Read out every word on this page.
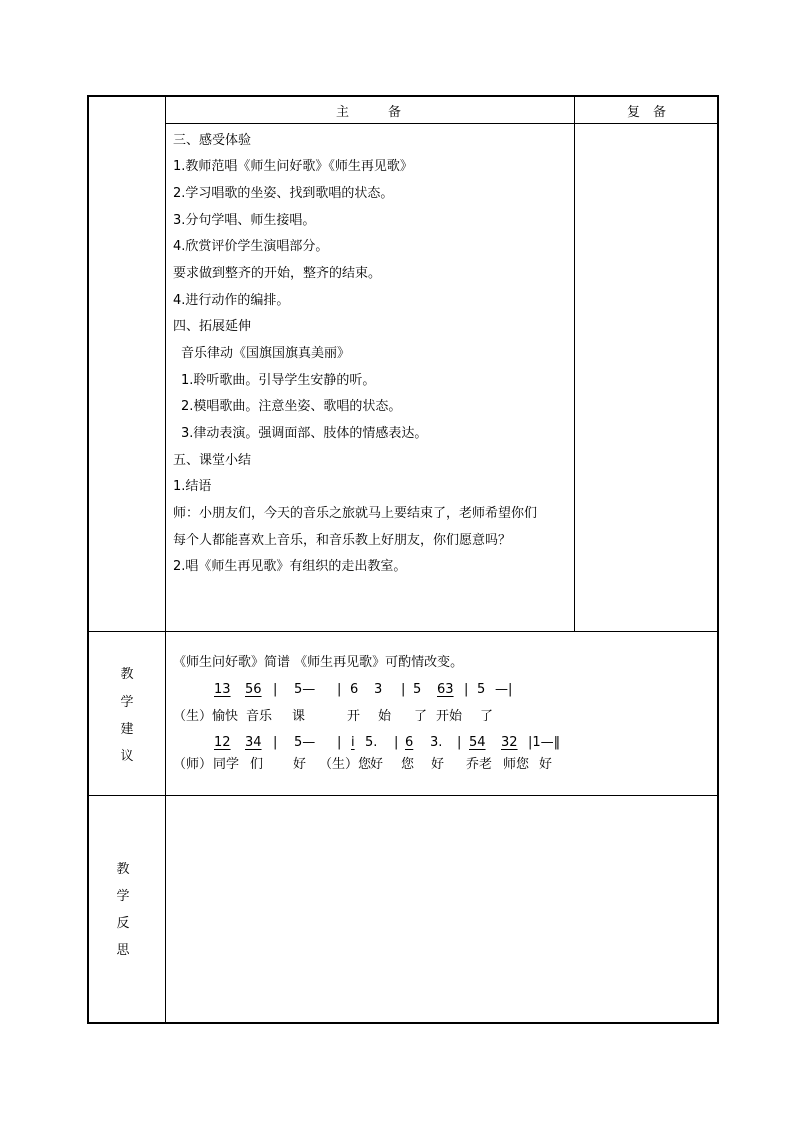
主　　　备	复　备
三、感受体验
1.教师范唱《师生问好歌》《师生再见歌》
2.学习唱歌的坐姿、找到歌唱的状态。
3.分句学唱、师生接唱。
4.欣赏评价学生演唱部分。
要求做到整齐的开始，整齐的结束。
4.进行动作的编排。
四、拓展延伸
音乐律动《国旗国旗真美丽》
1.聆听歌曲。引导学生安静的听。
2.模唱歌曲。注意坐姿、歌唱的状态。
3.律动表演。强调面部、肢体的情感表达。
五、课堂小结
1.结语
师：小朋友们，今天的音乐之旅就马上要结束了，老师希望你们
每个人都能喜欢上音乐，和音乐教上好朋友，你们愿意吗？
2.唱《师生再见歌》有组织的走出教室。
教
学
建
议
《师生问好歌》简谱 《师生再见歌》可酌情改变。
13 56 | 5— | 6 3 | 5 63 | 5 —|
（生）愉快 音乐 课	开 始 了 开始 了
12 34 | 5— | i 5. | 6 3. | 54 32 |1—‖
（师） 同学 们 好 （生）您
好 您 好 乔老 师您 好
教
学
反
思
